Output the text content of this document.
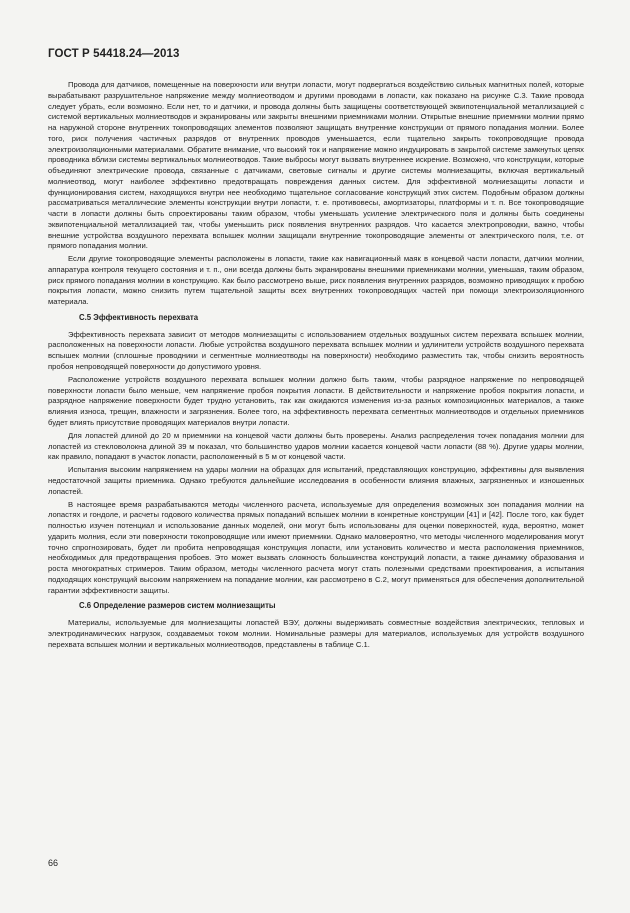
ГОСТ Р 54418.24—2013

Провода для датчиков, помещенные на поверхности или внутри лопасти, могут подвергаться воздействию сильных магнитных полей, которые вырабатывают разрушительное напряжение между молниеотводом и другими проводами в лопасти, как показано на рисунке С.3. Такие провода следует убрать, если возможно. Если нет, то и датчики, и провода должны быть защищены соответствующей эквипотенциальной металлизацией с системой вертикальных молниеотводов и экранированы или закрыты внешними приемниками молнии. Открытые внешние приемники молнии прямо на наружной стороне внутренних токопроводящих элементов позволяют защищать внутренние конструкции от прямого попадания молнии. Более того, риск получения частичных разрядов от внутренних проводов уменьшается, если тщательно закрыть токопроводящие провода электроизоляционными материалами. Обратите внимание, что высокий ток и напряжение можно индуцировать в закрытой системе замкнутых цепях проводника вблизи системы вертикальных молниеотводов. Такие выбросы могут вызвать внутреннее искрение. Возможно, что конструкции, которые объединяют электрические провода, связанные с датчиками, световые сигналы и другие системы молниезащиты, включая вертикальный молниеотвод, могут наиболее эффективно предотвращать повреждения данных систем. Для эффективной молниезащиты лопасти и функционирования систем, находящихся внутри нее необходимо тщательное согласование конструкций этих систем. Подобным образом должны рассматриваться металлические элементы конструкции внутри лопасти, т. е. противовесы, амортизаторы, платформы и т. п. Все токопроводящие части в лопасти должны быть спроектированы таким образом, чтобы уменьшать усиление электрического поля и должны быть соединены эквипотенциальной металлизацией так, чтобы уменьшить риск появления внутренних разрядов. Что касается электропроводки, важно, чтобы внешние устройства воздушного перехвата вспышек молнии защищали внутренние токопроводящие элементы от электрического поля, т.е. от прямого попадания молнии.

Если другие токопроводящие элементы расположены в лопасти, такие как навигационный маяк в концевой части лопасти, датчики молнии, аппаратура контроля текущего состояния и т. п., они всегда должны быть экранированы внешними приемниками молнии, уменьшая, таким образом, риск прямого попадания молнии в конструкцию. Как было рассмотрено выше, риск появления внутренних разрядов, возможно приводящих к пробою покрытия лопасти, можно снизить путем тщательной защиты всех внутренних токопроводящих частей при помощи электроизоляционного материала.

С.5 Эффективность перехвата

Эффективность перехвата зависит от методов молниезащиты с использованием отдельных воздушных систем перехвата вспышек молнии, расположенных на поверхности лопасти. Любые устройства воздушного перехвата вспышек молнии и удлинители устройств воздушного перехвата вспышек молнии (сплошные проводники и сегментные молниеотводы на поверхности) необходимо разместить так, чтобы снизить вероятность пробоя непроводящей поверхности до допустимого уровня.

Расположение устройств воздушного перехвата вспышек молнии должно быть таким, чтобы разрядное напряжение по непроводящей поверхности лопасти было меньше, чем напряжение пробоя покрытия лопасти. В действительности и напряжение пробоя покрытия лопасти, и разрядное напряжение поверхности будет трудно установить, так как ожидаются изменения из-за разных композиционных материалов, а также влияния износа, трещин, влажности и загрязнения. Более того, на эффективность перехвата сегментных молниеотводов и отдельных приемников будет влиять присутствие проводящих материалов внутри лопасти.

Для лопастей длиной до 20 м приемники на концевой части должны быть проверены. Анализ распределения точек попадания молнии для лопастей из стекловолокна длиной 39 м показал, что большинство ударов молнии касается концевой части лопасти (88 %). Другие удары молнии, как правило, попадают в участок лопасти, расположенный в 5 м от концевой части.

Испытания высоким напряжением на удары молнии на образцах для испытаний, представляющих конструкцию, эффективны для выявления недостаточной защиты приемника. Однако требуются дальнейшие исследования в особенности влияния влажных, загрязненных и изношенных лопастей.

В настоящее время разрабатываются методы численного расчета, используемые для определения возможных зон попадания молнии на лопастях и гондоле, и расчеты годового количества прямых попаданий вспышек молнии в конкретные конструкции [41] и [42]. После того, как будет полностью изучен потенциал и использование данных моделей, они могут быть использованы для оценки поверхностей, куда, вероятно, может ударить молния, если эти поверхности токопроводящие или имеют приемники. Однако маловероятно, что методы численного моделирования могут точно спрогнозировать, будет ли пробита непроводящая конструкция лопасти, или установить количество и места расположения приемников, необходимых для предотвращения пробоев. Это может вызвать сложность большинства конструкций лопасти, а также динамику образования и роста многократных стримеров. Таким образом, методы численного расчета могут стать полезными средствами проектирования, а испытания подходящих конструкций высоким напряжением на попадание молнии, как рассмотрено в С.2, могут применяться для обеспечения дополнительной гарантии эффективности защиты.

С.6 Определение размеров систем молниезащиты

Материалы, используемые для молниезащиты лопастей ВЭУ, должны выдерживать совместные воздействия электрических, тепловых и электродинамических нагрузок, создаваемых током молнии. Номинальные размеры для материалов, используемых для устройств воздушного перехвата вспышек молнии и вертикальных молниеотводов, представлены в таблице С.1.

66
